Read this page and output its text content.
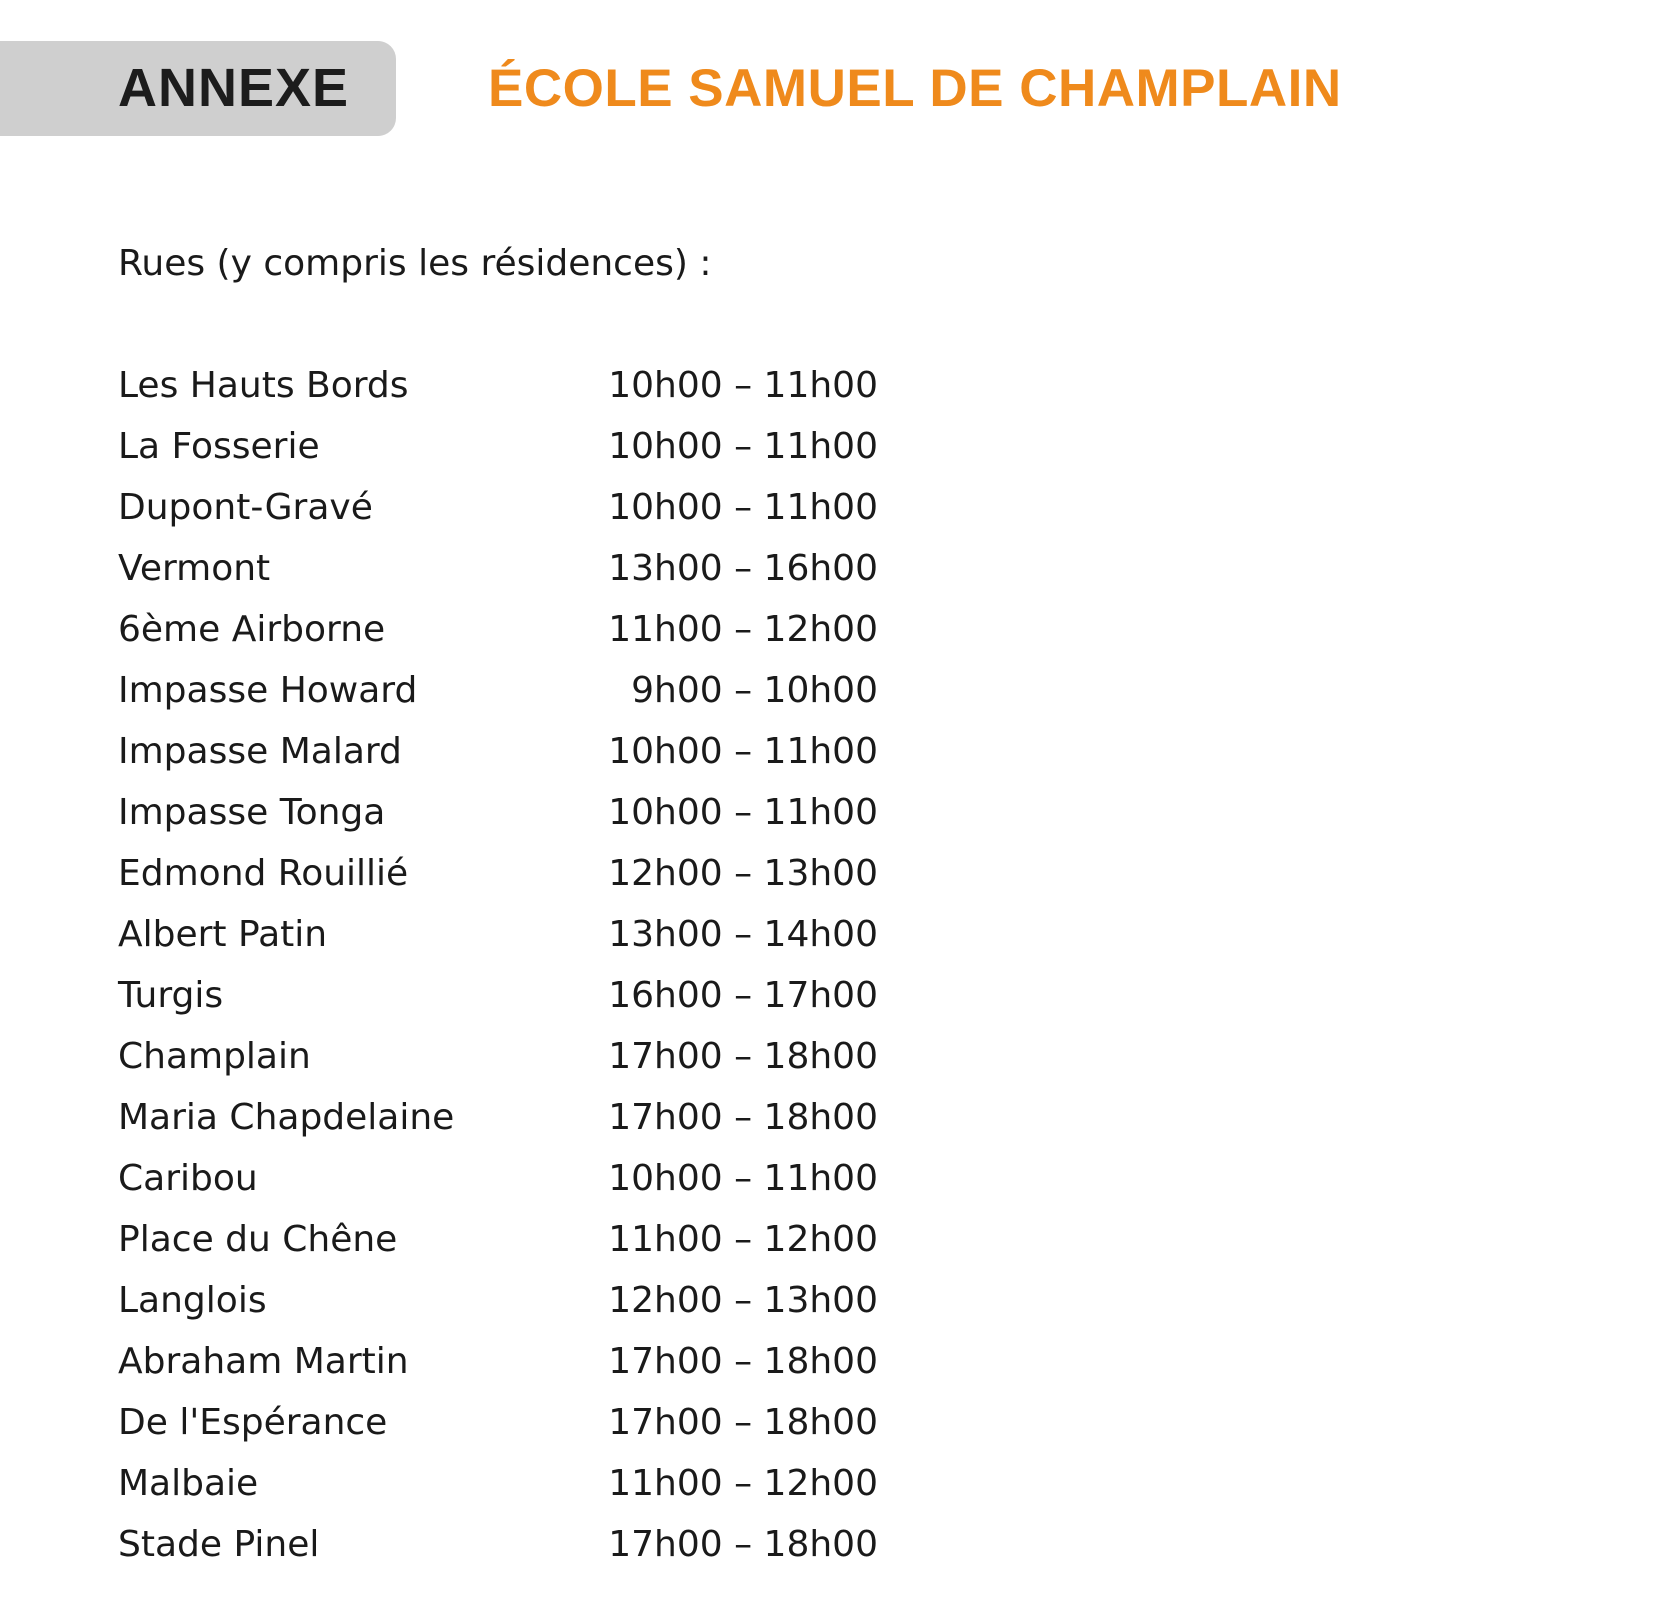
ANNEXE	ÉCOLE SAMUEL DE CHAMPLAIN
Rues (y compris les résidences) :
Les Hauts Bords	10h00 – 11h00
La Fosserie	10h00 – 11h00
Dupont-Gravé	10h00 – 11h00
Vermont	13h00 – 16h00
6ème Airborne	11h00 – 12h00
Impasse Howard	9h00 – 10h00
Impasse Malard	10h00 – 11h00
Impasse Tonga	10h00 – 11h00
Edmond Rouillié	12h00 – 13h00
Albert Patin	13h00 – 14h00
Turgis	16h00 – 17h00
Champlain	17h00 – 18h00
Maria Chapdelaine	17h00 – 18h00
Caribou	10h00 – 11h00
Place du Chêne	11h00 – 12h00
Langlois	12h00 – 13h00
Abraham Martin	17h00 – 18h00
De l'Espérance	17h00 – 18h00
Malbaie	11h00 – 12h00
Stade Pinel	17h00 – 18h00
